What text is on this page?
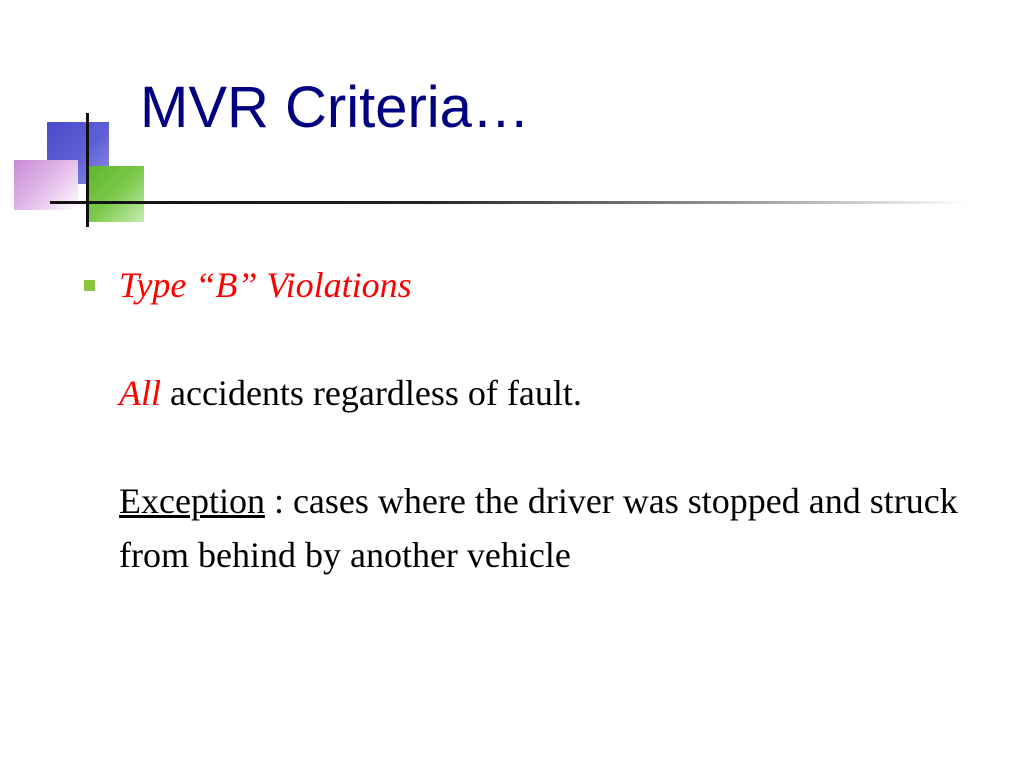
MVR Criteria…

Type “B” Violations

All accidents regardless of fault.

Exception : cases where the driver was stopped and struck from behind by another vehicle
